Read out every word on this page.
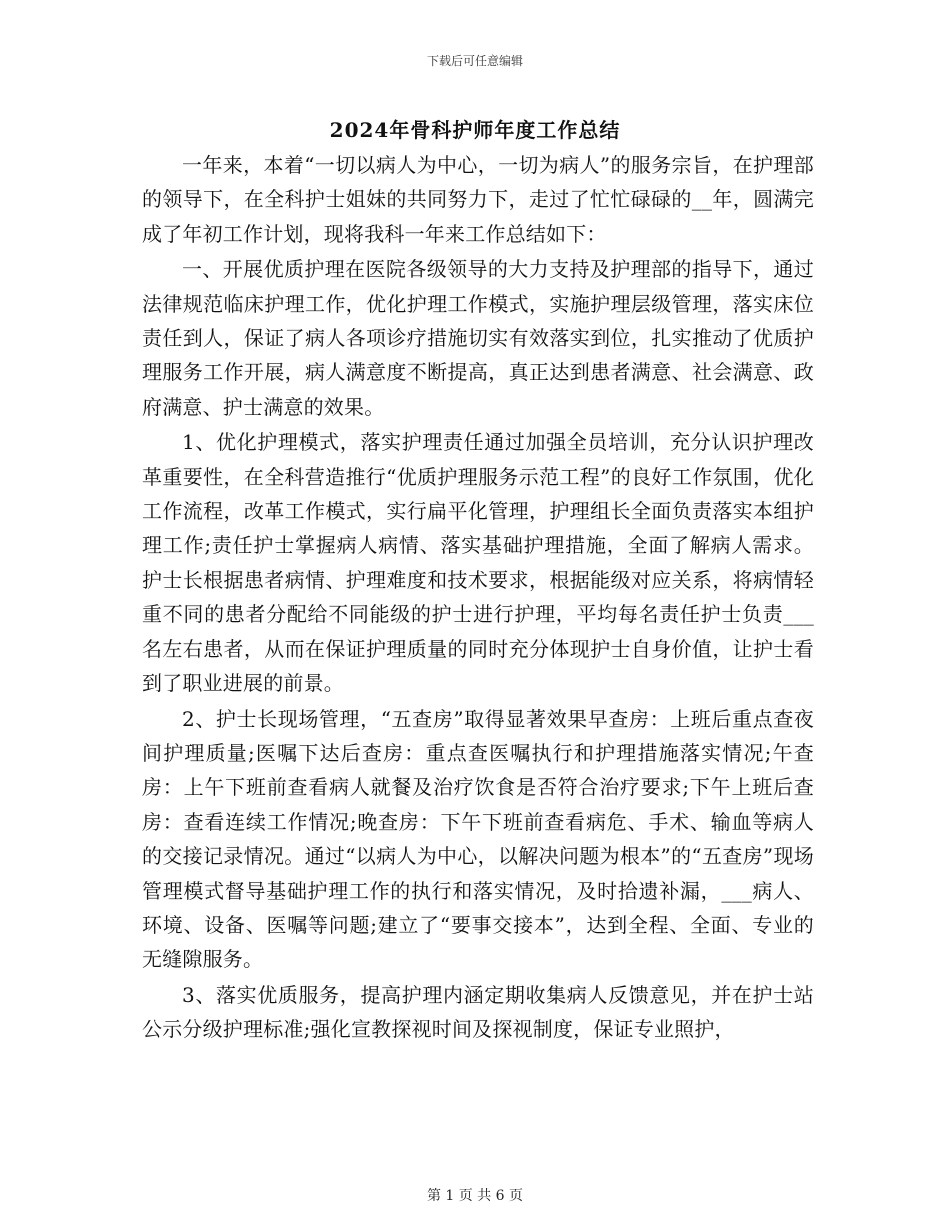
下载后可任意编辑
2024年骨科护师年度工作总结

一年来，本着“一切以病人为中心，一切为病人”的服务宗旨，在护理部的领导下，在全科护士姐妹的共同努力下，走过了忙忙碌碌的__年，圆满完成了年初工作计划，现将我科一年来工作总结如下：

一、开展优质护理在医院各级领导的大力支持及护理部的指导下，通过法律规范临床护理工作，优化护理工作模式，实施护理层级管理，落实床位责任到人，保证了病人各项诊疗措施切实有效落实到位，扎实推动了优质护理服务工作开展，病人满意度不断提高，真正达到患者满意、社会满意、政府满意、护士满意的效果。

1、优化护理模式，落实护理责任通过加强全员培训，充分认识护理改革重要性，在全科营造推行“优质护理服务示范工程”的良好工作氛围，优化工作流程，改革工作模式，实行扁平化管理，护理组长全面负责落实本组护理工作;责任护士掌握病人病情、落实基础护理措施，全面了解病人需求。护士长根据患者病情、护理难度和技术要求，根据能级对应关系，将病情轻重不同的患者分配给不同能级的护士进行护理，平均每名责任护士负责___名左右患者，从而在保证护理质量的同时充分体现护士自身价值，让护士看到了职业进展的前景。

2、护士长现场管理，“五查房”取得显著效果早查房：上班后重点查夜间护理质量;医嘱下达后查房：重点查医嘱执行和护理措施落实情况;午查房：上午下班前查看病人就餐及治疗饮食是否符合治疗要求;下午上班后查房：查看连续工作情况;晚查房：下午下班前查看病危、手术、输血等病人的交接记录情况。通过“以病人为中心，以解决问题为根本”的“五查房”现场管理模式督导基础护理工作的执行和落实情况，及时拾遗补漏，___病人、环境、设备、医嘱等问题;建立了“要事交接本”，达到全程、全面、专业的无缝隙服务。

3、落实优质服务，提高护理内涵定期收集病人反馈意见，并在护士站公示分级护理标准;强化宣教探视时间及探视制度，保证专业照护，

第 1 页 共 6 页
